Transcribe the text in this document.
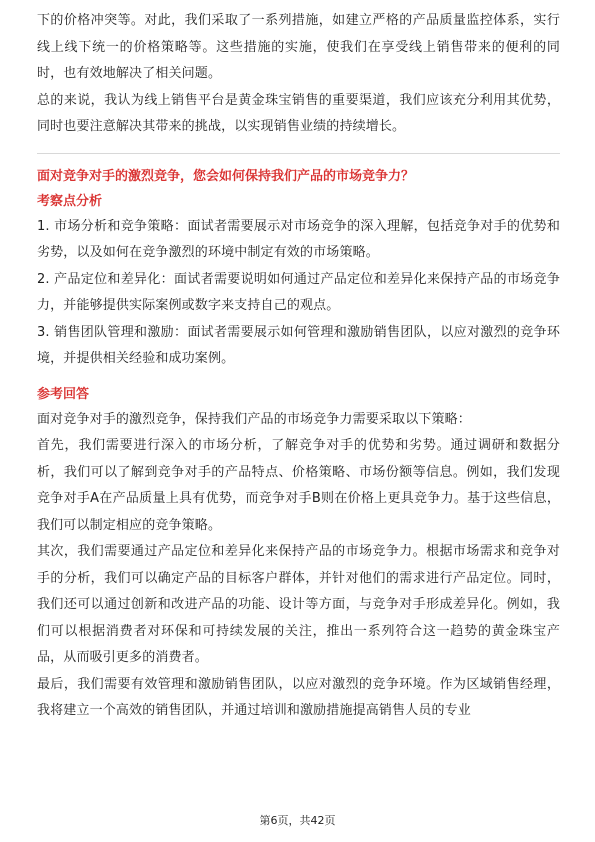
下的价格冲突等。对此，我们采取了一系列措施，如建立严格的产品质量监控体系，实行线上线下统一的价格策略等。这些措施的实施，使我们在享受线上销售带来的便利的同时，也有效地解决了相关问题。

总的来说，我认为线上销售平台是黄金珠宝销售的重要渠道，我们应该充分利用其优势，同时也要注意解决其带来的挑战，以实现销售业绩的持续增长。

面对竞争对手的激烈竞争，您会如何保持我们产品的市场竞争力？

考察点分析

1. 市场分析和竞争策略：面试者需要展示对市场竞争的深入理解，包括竞争对手的优势和劣势，以及如何在竞争激烈的环境中制定有效的市场策略。

2. 产品定位和差异化：面试者需要说明如何通过产品定位和差异化来保持产品的市场竞争力，并能够提供实际案例或数字来支持自己的观点。

3. 销售团队管理和激励：面试者需要展示如何管理和激励销售团队，以应对激烈的竞争环境，并提供相关经验和成功案例。

参考回答

面对竞争对手的激烈竞争，保持我们产品的市场竞争力需要采取以下策略：

首先，我们需要进行深入的市场分析，了解竞争对手的优势和劣势。通过调研和数据分析，我们可以了解到竞争对手的产品特点、价格策略、市场份额等信息。例如，我们发现竞争对手A在产品质量上具有优势，而竞争对手B则在价格上更具竞争力。基于这些信息，我们可以制定相应的竞争策略。

其次，我们需要通过产品定位和差异化来保持产品的市场竞争力。根据市场需求和竞争对手的分析，我们可以确定产品的目标客户群体，并针对他们的需求进行产品定位。同时，我们还可以通过创新和改进产品的功能、设计等方面，与竞争对手形成差异化。例如，我们可以根据消费者对环保和可持续发展的关注，推出一系列符合这一趋势的黄金珠宝产品，从而吸引更多的消费者。

最后，我们需要有效管理和激励销售团队，以应对激烈的竞争环境。作为区域销售经理，我将建立一个高效的销售团队，并通过培训和激励措施提高销售人员的专业

第6页，共42页
